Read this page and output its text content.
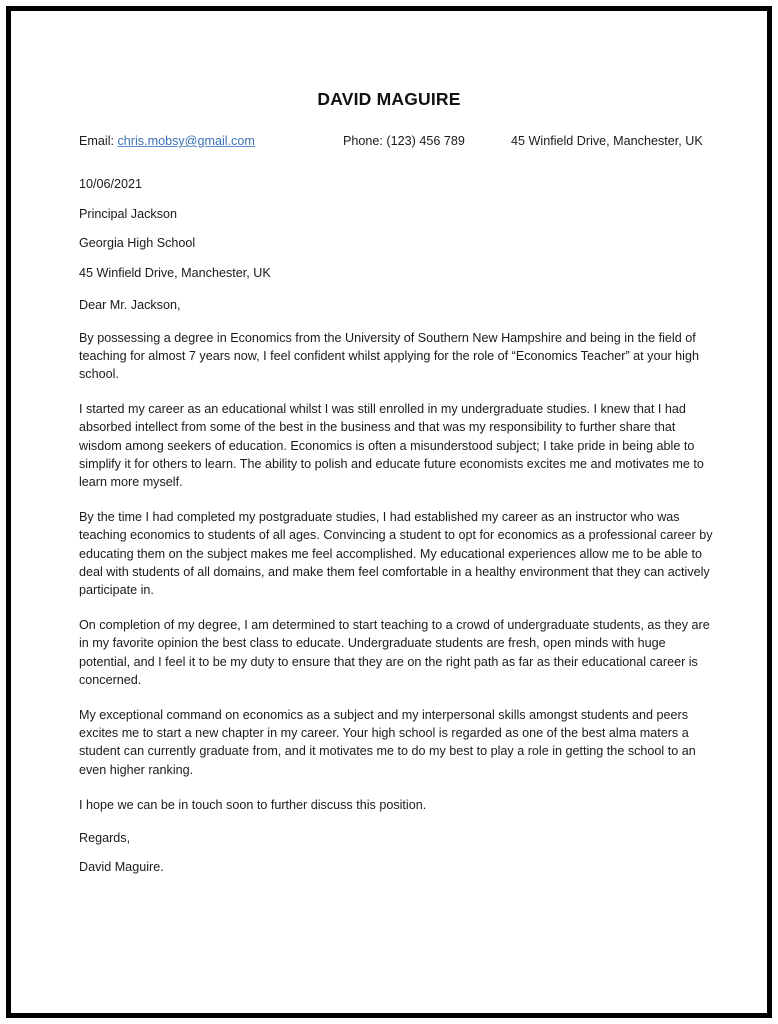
DAVID MAGUIRE
Email: chris.mobsy@gmail.com	Phone: (123) 456 789	45 Winfield Drive, Manchester, UK
10/06/2021
Principal Jackson
Georgia High School
45 Winfield Drive, Manchester, UK
Dear Mr. Jackson,

By possessing a degree in Economics from the University of Southern New Hampshire and being in the field of teaching for almost 7 years now, I feel confident whilst applying for the role of “Economics Teacher” at your high school.

I started my career as an educational whilst I was still enrolled in my undergraduate studies. I knew that I had absorbed intellect from some of the best in the business and that was my responsibility to further share that wisdom among seekers of education. Economics is often a misunderstood subject; I take pride in being able to simplify it for others to learn. The ability to polish and educate future economists excites me and motivates me to learn more myself.

By the time I had completed my postgraduate studies, I had established my career as an instructor who was teaching economics to students of all ages. Convincing a student to opt for economics as a professional career by educating them on the subject makes me feel accomplished. My educational experiences allow me to be able to deal with students of all domains, and make them feel comfortable in a healthy environment that they can actively participate in.

On completion of my degree, I am determined to start teaching to a crowd of undergraduate students, as they are in my favorite opinion the best class to educate. Undergraduate students are fresh, open minds with huge potential, and I feel it to be my duty to ensure that they are on the right path as far as their educational career is concerned.

My exceptional command on economics as a subject and my interpersonal skills amongst students and peers excites me to start a new chapter in my career. Your high school is regarded as one of the best alma maters a student can currently graduate from, and it motivates me to do my best to play a role in getting the school to an even higher ranking.

I hope we can be in touch soon to further discuss this position.

Regards,
David Maguire.
